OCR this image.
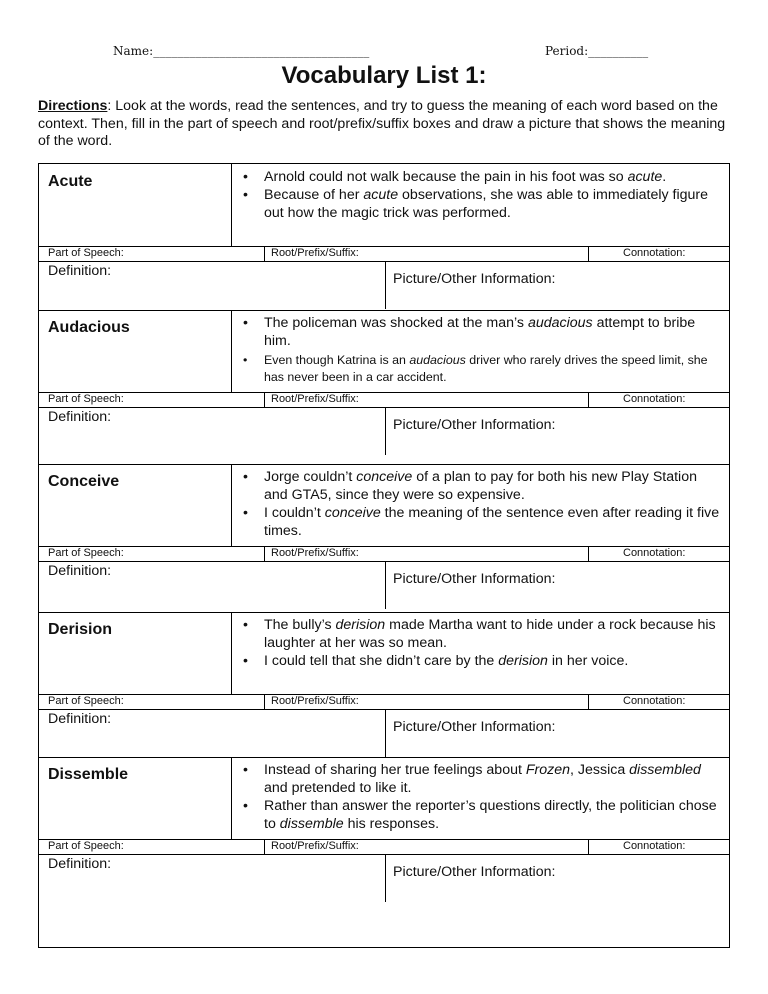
Name:____________________________________	Period:__________
Vocabulary List 1:
Directions: Look at the words, read the sentences, and try to guess the meaning of each word based on the context. Then, fill in the part of speech and root/prefix/suffix boxes and draw a picture that shows the meaning of the word.
Acute	• Arnold could not walk because the pain in his foot was so acute.
• Because of her acute observations, she was able to immediately figure out how the magic trick was performed.
Part of Speech:	Root/Prefix/Suffix:	Connotation:
Definition:	Picture/Other Information:
Audacious	• The policeman was shocked at the man’s audacious attempt to bribe him.
• Even though Katrina is an audacious driver who rarely drives the speed limit, she has never been in a car accident.
Part of Speech:	Root/Prefix/Suffix:	Connotation:
Definition:	Picture/Other Information:
Conceive	• Jorge couldn’t conceive of a plan to pay for both his new Play Station and GTA5, since they were so expensive.
• I couldn’t conceive the meaning of the sentence even after reading it five times.
Part of Speech:	Root/Prefix/Suffix:	Connotation:
Definition:	Picture/Other Information:
Derision	• The bully’s derision made Martha want to hide under a rock because his laughter at her was so mean.
• I could tell that she didn’t care by the derision in her voice.
Part of Speech:	Root/Prefix/Suffix:	Connotation:
Definition:	Picture/Other Information:
Dissemble	• Instead of sharing her true feelings about Frozen, Jessica dissembled and pretended to like it.
• Rather than answer the reporter’s questions directly, the politician chose to dissemble his responses.
Part of Speech:	Root/Prefix/Suffix:	Connotation:
Definition:	Picture/Other Information:
